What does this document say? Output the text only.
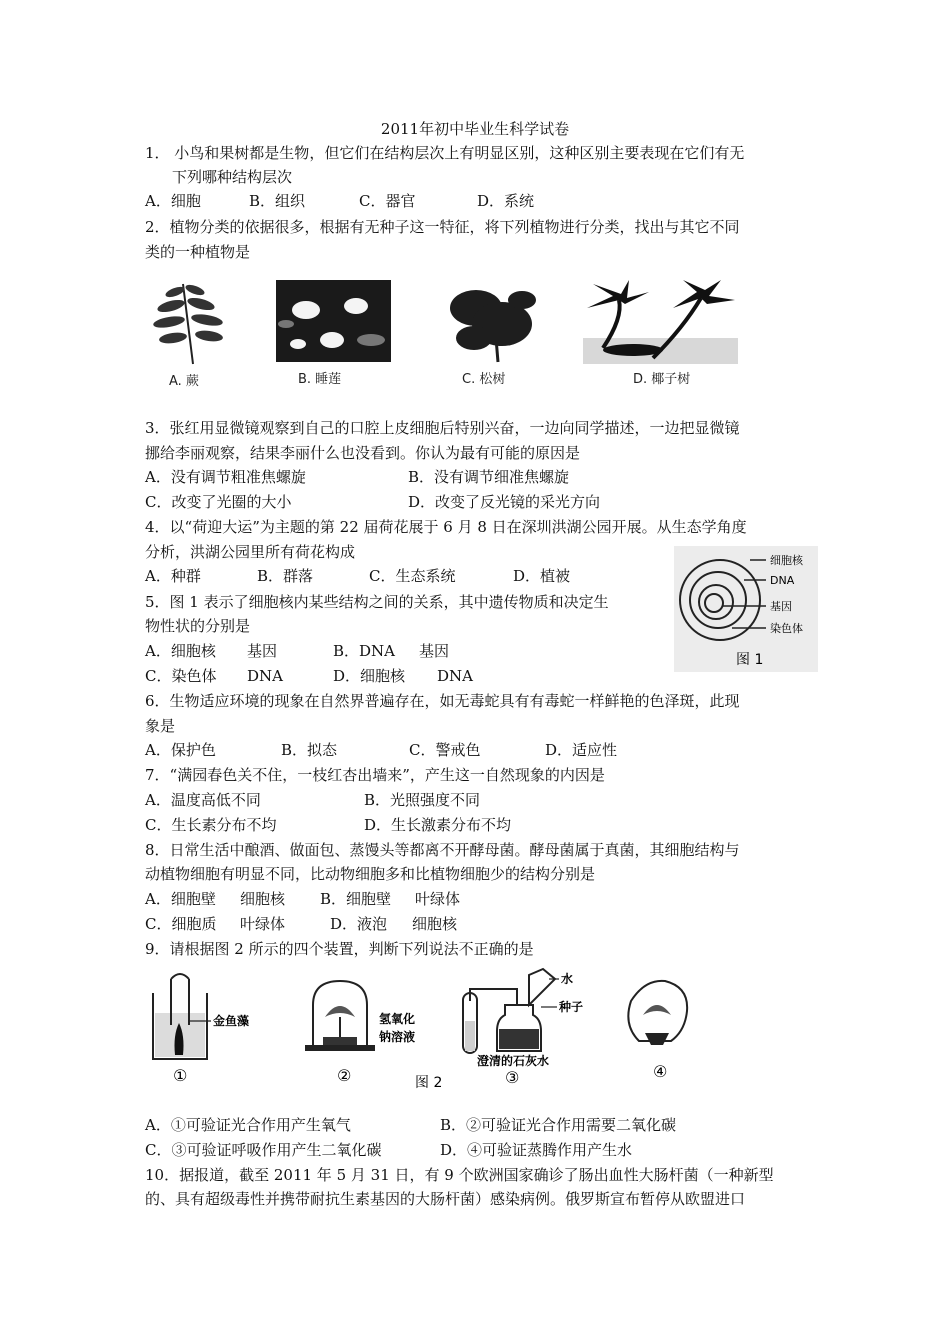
2011年初中毕业生科学试卷
1． 小鸟和果树都是生物，但它们在结构层次上有明显区别，这种区别主要表现在它们有无
下列哪种结构层次
A．细胞	B．组织	C．器官	D．系统
2．植物分类的依据很多，根据有无种子这一特征，将下列植物进行分类，找出与其它不同
类的一种植物是
A. 蕨	B. 睡莲	C. 松树	D. 椰子树
3．张红用显微镜观察到自己的口腔上皮细胞后特别兴奋，一边向同学描述，一边把显微镜
挪给李丽观察，结果李丽什么也没看到。你认为最有可能的原因是
A．没有调节粗准焦螺旋	B．没有调节细准焦螺旋
C．改变了光圈的大小	D．改变了反光镜的采光方向
4．以“荷迎大运”为主题的第 22 届荷花展于 6 月 8 日在深圳洪湖公园开展。从生态学角度
分析，洪湖公园里所有荷花构成
A．种群	B．群落	C．生态系统	D．植被
5．图 1 表示了细胞核内某些结构之间的关系，其中遗传物质和决定生
物性状的分别是
A．细胞核 基因	B．DNA 基因
C．染色体 DNA	D．细胞核 DNA
细胞核
DNA
基因
染色体
图 1
6．生物适应环境的现象在自然界普遍存在，如无毒蛇具有有毒蛇一样鲜艳的色泽斑，此现
象是
A．保护色	B．拟态	C．警戒色	D．适应性
7．“满园春色关不住，一枝红杏出墙来”，产生这一自然现象的内因是
A．温度高低不同	B．光照强度不同
C．生长素分布不均	D．生长激素分布不均
8．日常生活中酿酒、做面包、蒸馒头等都离不开酵母菌。酵母菌属于真菌，其细胞结构与
动植物细胞有明显不同，比动物细胞多和比植物细胞少的结构分别是
A．细胞壁 细胞核 B．细胞壁 叶绿体
C．细胞质 叶绿体	D．液泡 细胞核
9．请根据图 2 所示的四个装置，判断下列说法不正确的是
金鱼藻
①
氢氧化
钠溶液
②
水
种子
澄清的石灰水
③	④
图 2
A．①可验证光合作用产生氧气	B．②可验证光合作用需要二氧化碳
C．③可验证呼吸作用产生二氧化碳	D．④可验证蒸腾作用产生水
10．据报道，截至 2011 年 5 月 31 日，有 9 个欧洲国家确诊了肠出血性大肠杆菌（一种新型
的、具有超级毒性并携带耐抗生素基因的大肠杆菌）感染病例。俄罗斯宣布暂停从欧盟进口
